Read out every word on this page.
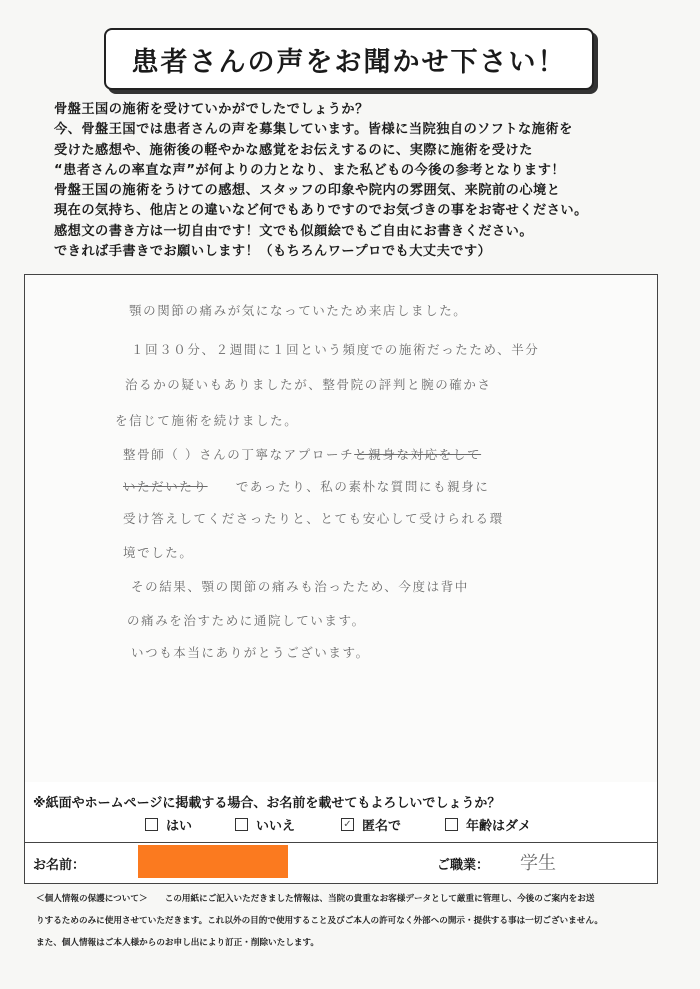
患者さんの声をお聞かせ下さい！
骨盤王国の施術を受けていかがでしたでしょうか？
今、骨盤王国では患者さんの声を募集しています。皆様に当院独自のソフトな施術を
受けた感想や、施術後の軽やかな感覚をお伝えするのに、実際に施術を受けた
“患者さんの率直な声”が何よりの力となり、また私どもの今後の参考となります！
骨盤王国の施術をうけての感想、スタッフの印象や院内の雰囲気、来院前の心境と
現在の気持ち、他店との違いなど何でもありですのでお気づきの事をお寄せください。
感想文の書き方は一切自由です！文でも似顔絵でもご自由にお書きください。
できれば手書きでお願いします！（もちろんワープロでも大丈夫です）
顎の関節の痛みが気になっていたため来店しました。
１回３０分、２週間に１回という頻度での施術だったため、半分
治るかの疑いもありましたが、整骨院の評判と腕の確かさ
を信じて施術を続けました。
整骨師（ ）さんの丁寧なアプローチと親身な対応をして
いただいたり　　 であったり、私の素朴な質問にも親身に
受け答えしてくださったりと、とても安心して受けられる環
境でした。
その結果、顎の関節の痛みも治ったため、今度は背中
の痛みを治すために通院しています。
いつも本当にありがとうございます。
※紙面やホームページに掲載する場合、お名前を載せてもよろしいでしょうか？
はい	いいえ	✓ 匿名で	年齢はダメ
お名前：	ご職業： 学生
＜個人情報の保護について＞　　この用紙にご記入いただきました情報は、当院の貴重なお客様データとして厳重に管理し、今後のご案内をお送
りするためのみに使用させていただきます。これ以外の目的で使用すること及びご本人の許可なく外部への開示・提供する事は一切ございません。
また、個人情報はご本人様からのお申し出により訂正・削除いたします。
